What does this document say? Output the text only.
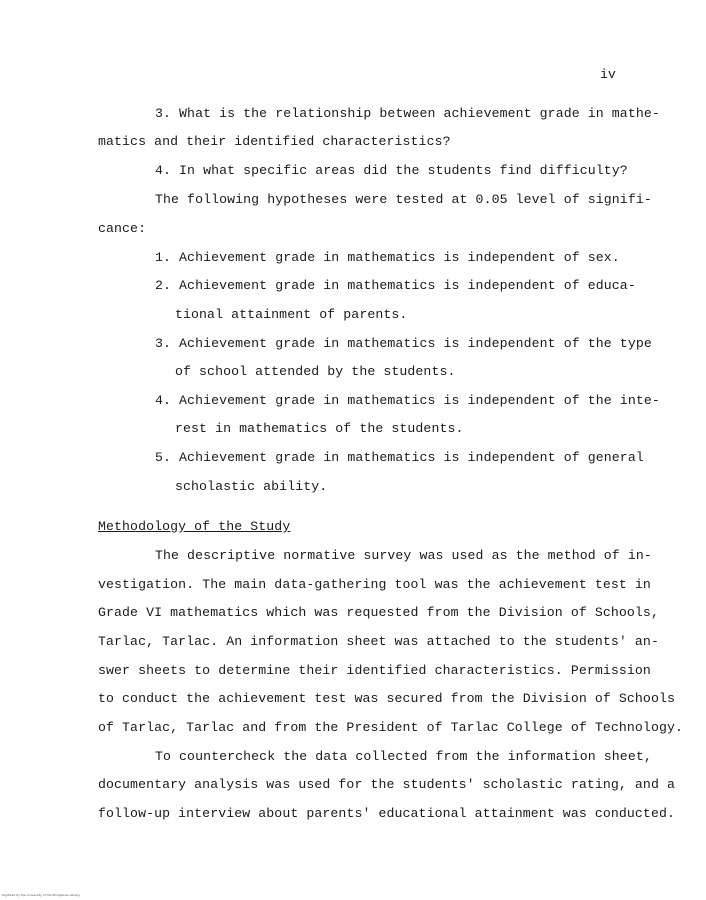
iv
3. What is the relationship between achievement grade in mathe-
matics and their identified characteristics?
4. In what specific areas did the students find difficulty?
The following hypotheses were tested at 0.05 level of signifi-
cance:
1. Achievement grade in mathematics is independent of sex.
2. Achievement grade in mathematics is independent of educa-
tional attainment of parents.
3. Achievement grade in mathematics is independent of the type
of school attended by the students.
4. Achievement grade in mathematics is independent of the inte-
rest in mathematics of the students.
5. Achievement grade in mathematics is independent of general
scholastic ability.
Methodology of the Study
The descriptive normative survey was used as the method of in-
vestigation. The main data-gathering tool was the achievement test in
Grade VI mathematics which was requested from the Division of Schools,
Tarlac, Tarlac. An information sheet was attached to the students' an-
swer sheets to determine their identified characteristics. Permission
to conduct the achievement test was secured from the Division of Schools
of Tarlac, Tarlac and from the President of Tarlac College of Technology.
To countercheck the data collected from the information sheet,
documentary analysis was used for the students' scholastic rating, and a
follow-up interview about parents' educational attainment was conducted.
Digitized by the University of the Philippines Library
